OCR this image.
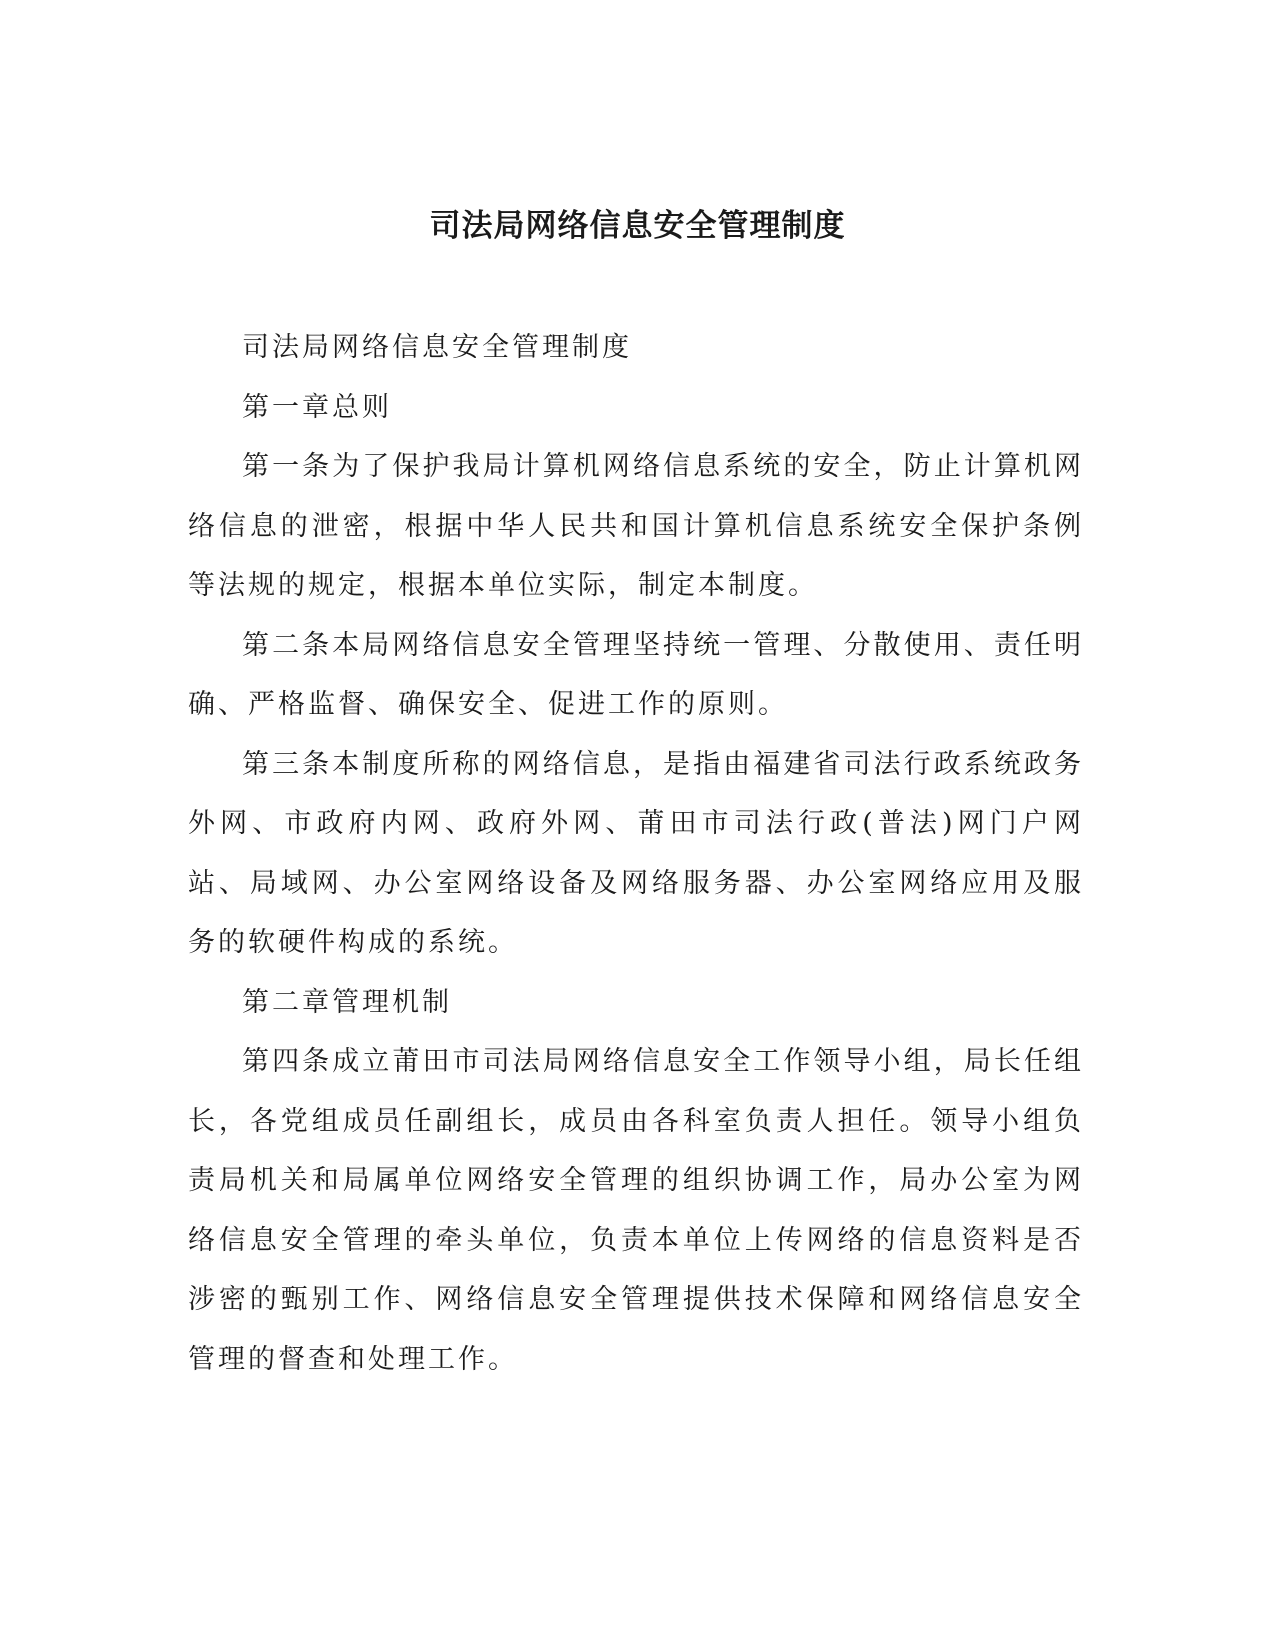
司法局网络信息安全管理制度

司法局网络信息安全管理制度

第一章总则

第一条为了保护我局计算机网络信息系统的安全，防止计算机网络信息的泄密，根据中华人民共和国计算机信息系统安全保护条例等法规的规定，根据本单位实际，制定本制度。

第二条本局网络信息安全管理坚持统一管理、分散使用、责任明确、严格监督、确保安全、促进工作的原则。

第三条本制度所称的网络信息，是指由福建省司法行政系统政务外网、市政府内网、政府外网、莆田市司法行政(普法)网门户网站、局域网、办公室网络设备及网络服务器、办公室网络应用及服务的软硬件构成的系统。

第二章管理机制

第四条成立莆田市司法局网络信息安全工作领导小组，局长任组长，各党组成员任副组长，成员由各科室负责人担任。领导小组负责局机关和局属单位网络安全管理的组织协调工作，局办公室为网络信息安全管理的牵头单位，负责本单位上传网络的信息资料是否涉密的甄别工作、网络信息安全管理提供技术保障和网络信息安全管理的督查和处理工作。
